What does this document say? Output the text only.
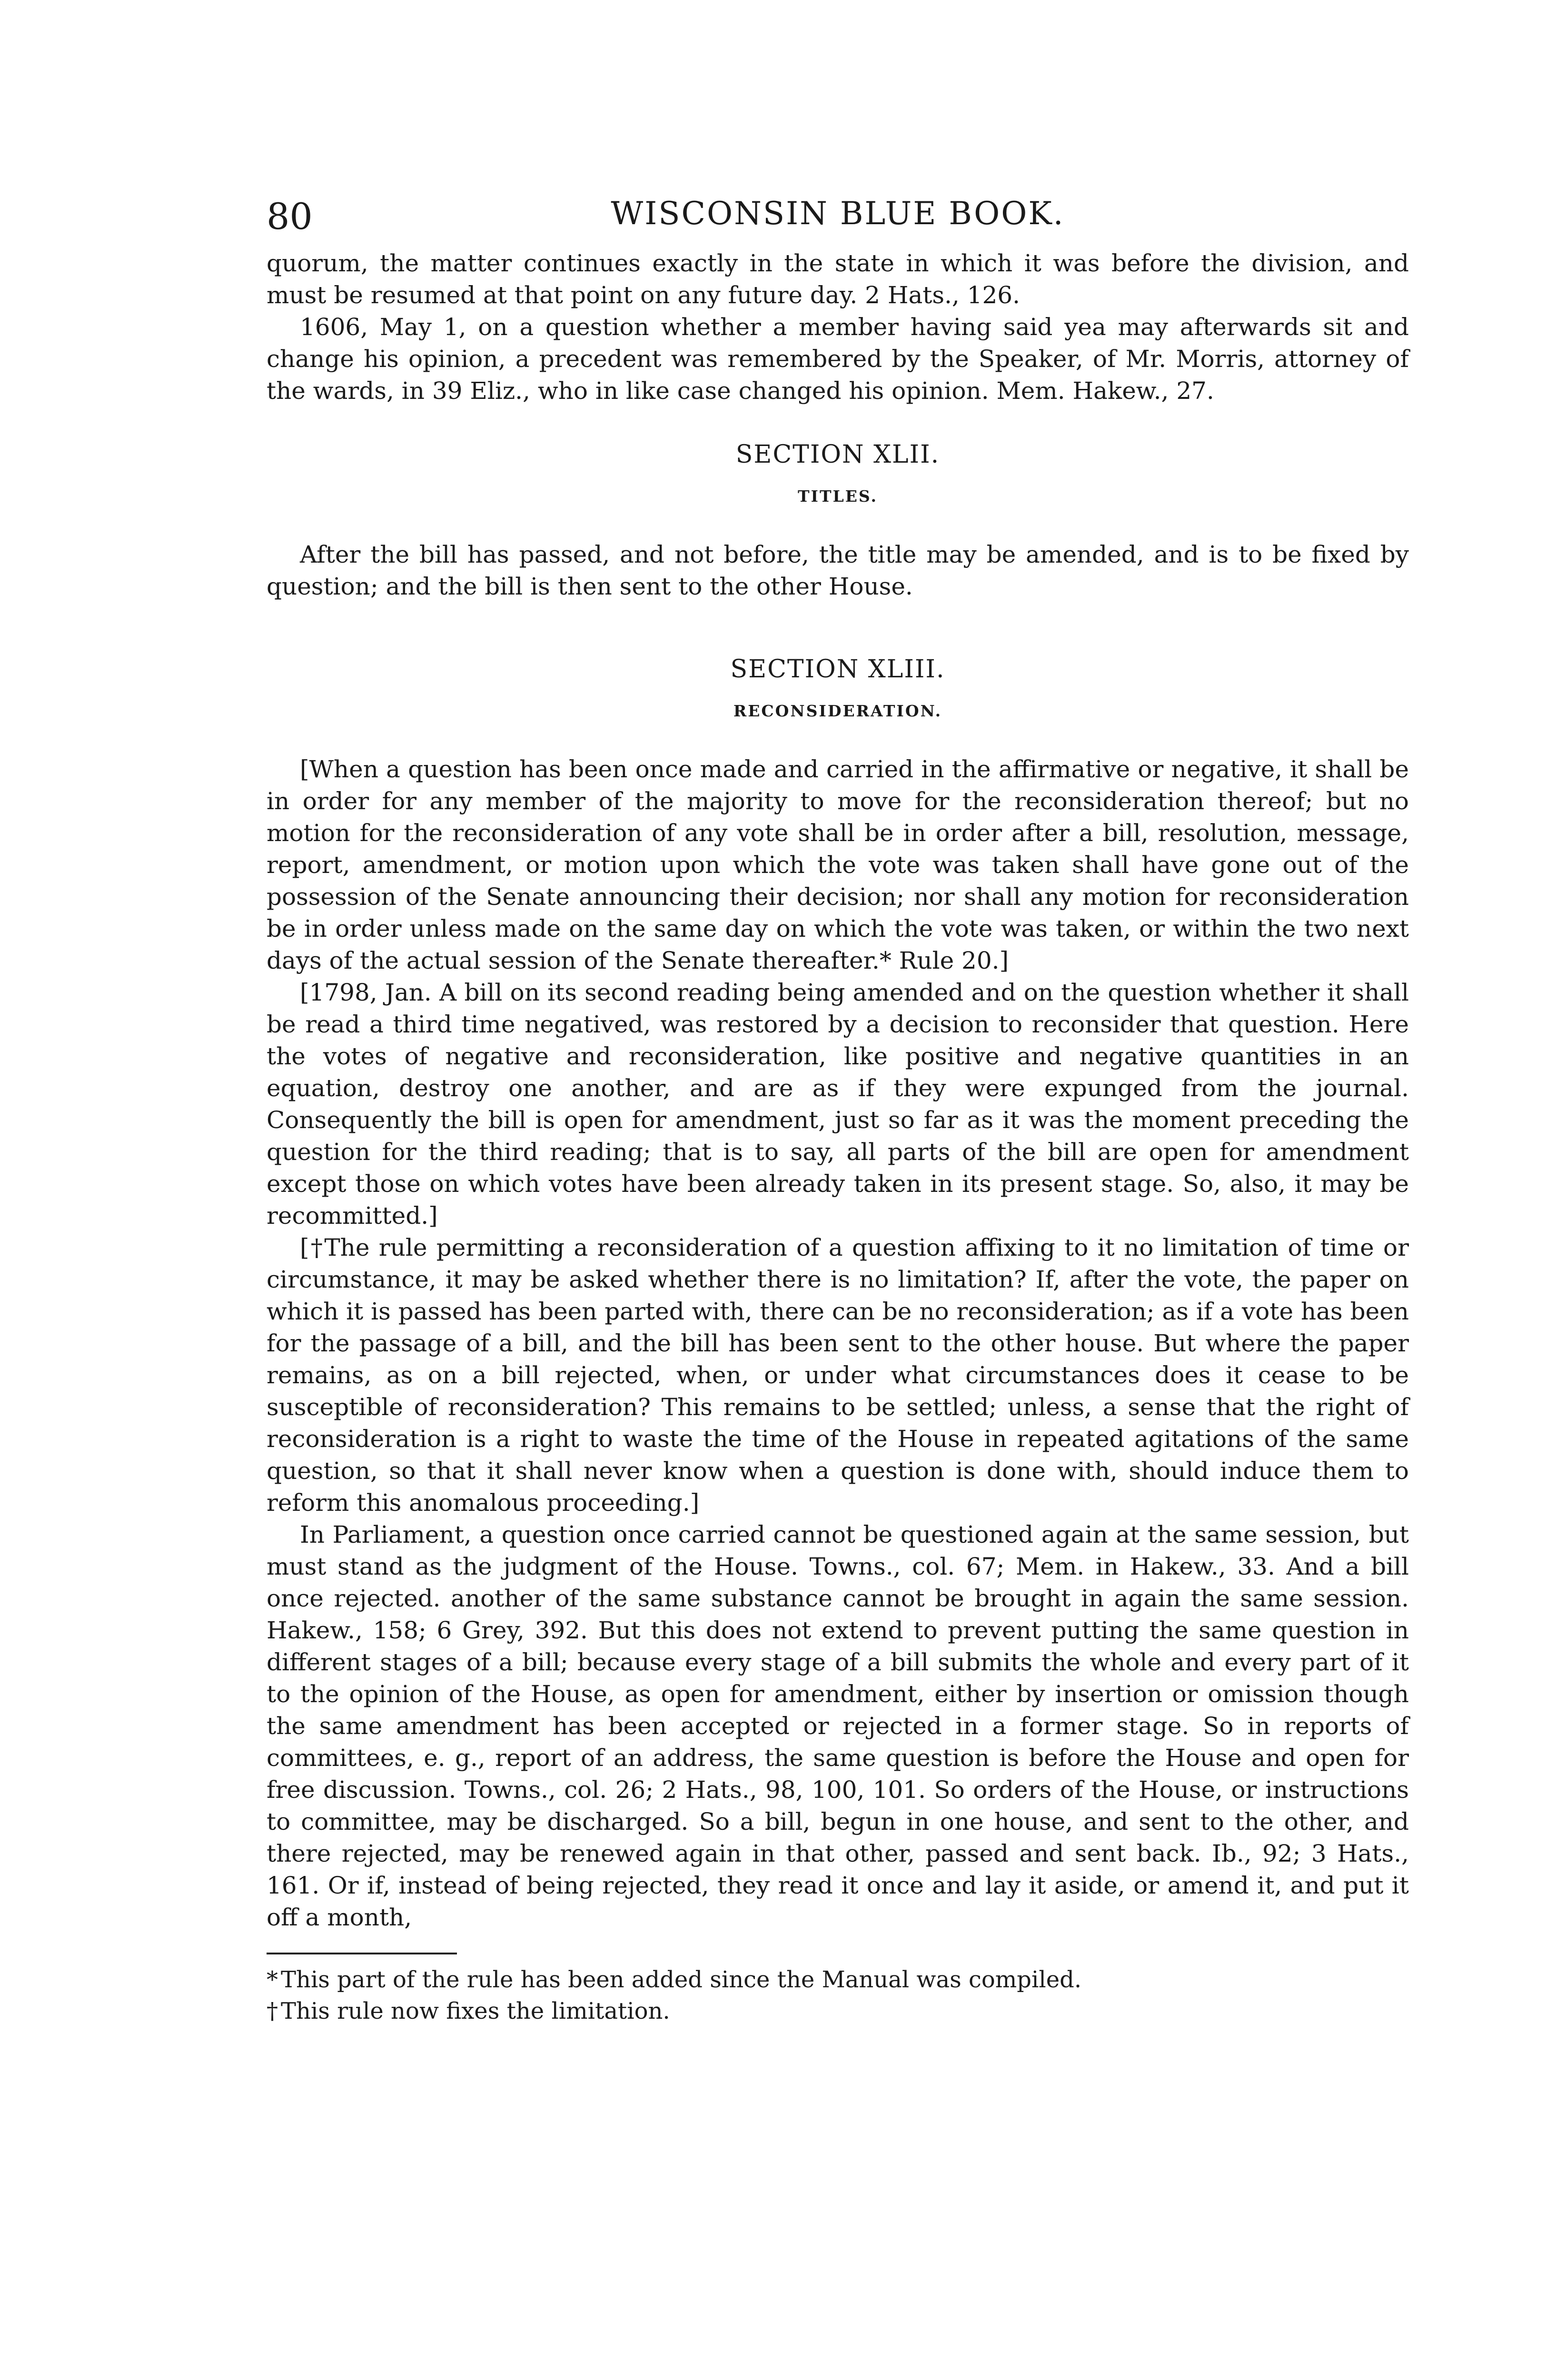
80	WISCONSIN BLUE BOOK.

quorum, the matter continues exactly in the state in which it was before the division, and must be resumed at that point on any future day. 2 Hats., 126.

1606, May 1, on a question whether a member having said yea may afterwards sit and change his opinion, a precedent was remembered by the Speaker, of Mr. Morris, attorney of the wards, in 39 Eliz., who in like case changed his opinion. Mem. Hakew., 27.

SECTION XLII.
TITLES.

After the bill has passed, and not before, the title may be amended, and is to be fixed by question; and the bill is then sent to the other House.

SECTION XLIII.
RECONSIDERATION.

[When a question has been once made and carried in the affirmative or negative, it shall be in order for any member of the majority to move for the reconsideration thereof; but no motion for the reconsideration of any vote shall be in order after a bill, resolution, message, report, amendment, or motion upon which the vote was taken shall have gone out of the possession of the Senate announcing their decision; nor shall any motion for reconsideration be in order unless made on the same day on which the vote was taken, or within the two next days of the actual session of the Senate thereafter.* Rule 20.]

[1798, Jan. A bill on its second reading being amended and on the question whether it shall be read a third time negatived, was restored by a decision to reconsider that question. Here the votes of negative and reconsideration, like positive and negative quantities in an equation, destroy one another, and are as if they were expunged from the journal. Consequently the bill is open for amendment, just so far as it was the moment preceding the question for the third reading; that is to say, all parts of the bill are open for amendment except those on which votes have been already taken in its present stage. So, also, it may be recommitted.]

[†The rule permitting a reconsideration of a question affixing to it no limitation of time or circumstance, it may be asked whether there is no limitation? If, after the vote, the paper on which it is passed has been parted with, there can be no reconsideration; as if a vote has been for the passage of a bill, and the bill has been sent to the other house. But where the paper remains, as on a bill rejected, when, or under what circumstances does it cease to be susceptible of reconsideration? This remains to be settled; unless, a sense that the right of reconsideration is a right to waste the time of the House in repeated agitations of the same question, so that it shall never know when a question is done with, should induce them to reform this anomalous proceeding.]

In Parliament, a question once carried cannot be questioned again at the same session, but must stand as the judgment of the House. Towns., col. 67; Mem. in Hakew., 33. And a bill once rejected. another of the same substance cannot be brought in again the same session. Hakew., 158; 6 Grey, 392. But this does not extend to prevent putting the same question in different stages of a bill; because every stage of a bill submits the whole and every part of it to the opinion of the House, as open for amendment, either by insertion or omission though the same amendment has been accepted or rejected in a former stage. So in reports of committees, e. g., report of an address, the same question is before the House and open for free discussion. Towns., col. 26; 2 Hats., 98, 100, 101. So orders of the House, or instructions to committee, may be discharged. So a bill, begun in one house, and sent to the other, and there rejected, may be renewed again in that other, passed and sent back. Ib., 92; 3 Hats., 161. Or if, instead of being rejected, they read it once and lay it aside, or amend it, and put it off a month,

* This part of the rule has been added since the Manual was compiled.

† This rule now fixes the limitation.
